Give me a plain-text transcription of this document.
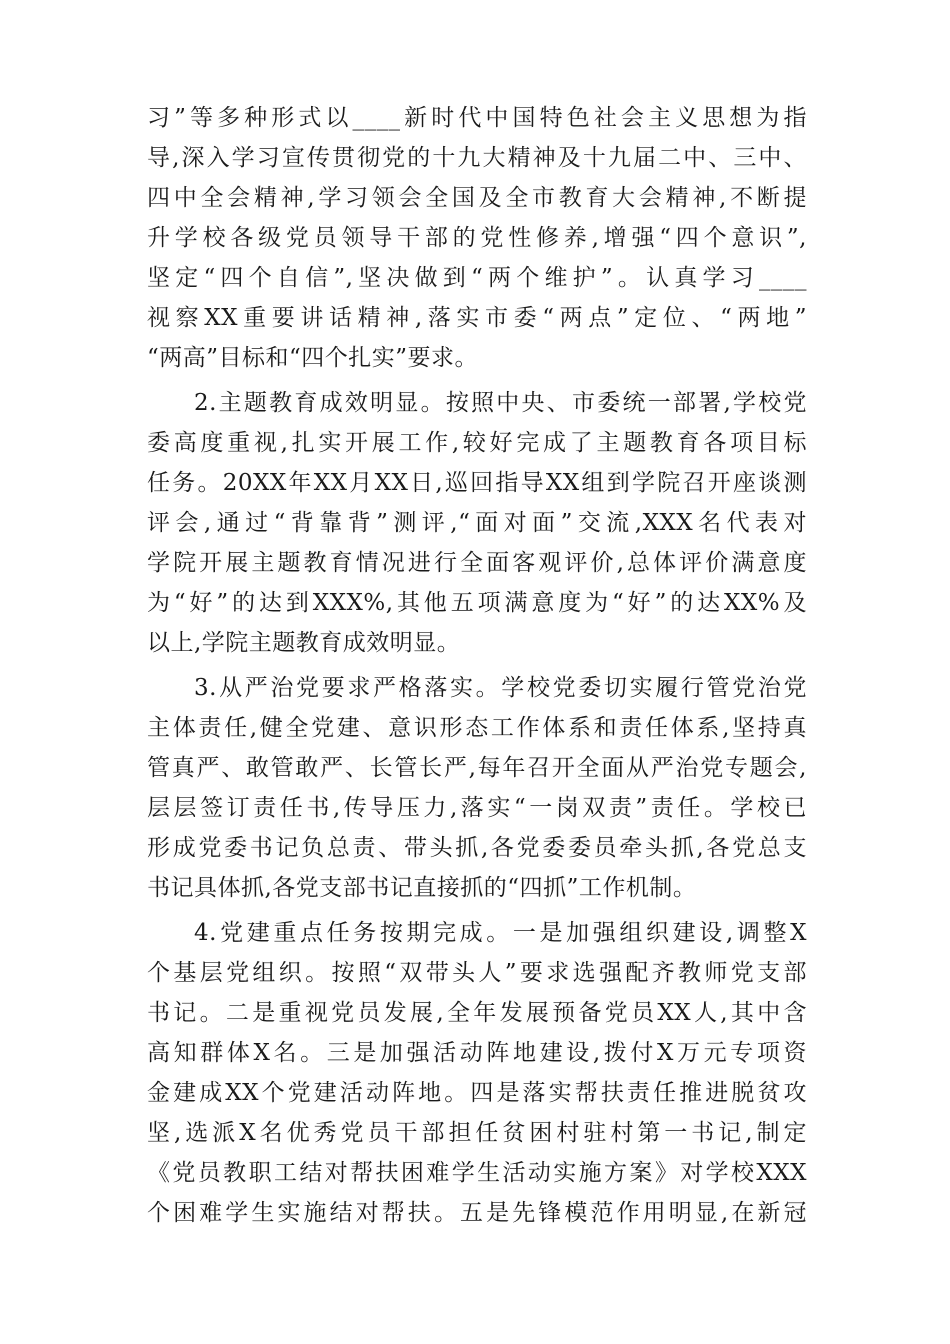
习”等多种形式以____新时代中国特色社会主义思想为指

导,深入学习宣传贯彻党的十九大精神及十九届二中、三中、

四中全会精神,学习领会全国及全市教育大会精神,不断提

升学校各级党员领导干部的党性修养,增强“四个意识”,

坚定“四个自信”,坚决做到“两个维护”。认真学习____

视察XX重要讲话精神,落实市委“两点”定位、“两地”

“两高”目标和“四个扎实”要求。

2.主题教育成效明显。按照中央、市委统一部署,学校党

委高度重视,扎实开展工作,较好完成了主题教育各项目标

任务。20XX年XX月XX日,巡回指导XX组到学院召开座谈测

评会,通过“背靠背”测评,“面对面”交流,XXX名代表对

学院开展主题教育情况进行全面客观评价,总体评价满意度

为“好”的达到XXX%,其他五项满意度为“好”的达XX%及

以上,学院主题教育成效明显。

3.从严治党要求严格落实。学校党委切实履行管党治党

主体责任,健全党建、意识形态工作体系和责任体系,坚持真

管真严、敢管敢严、长管长严,每年召开全面从严治党专题会,

层层签订责任书,传导压力,落实“一岗双责”责任。学校已

形成党委书记负总责、带头抓,各党委委员牵头抓,各党总支

书记具体抓,各党支部书记直接抓的“四抓”工作机制。

4.党建重点任务按期完成。一是加强组织建设,调整X

个基层党组织。按照“双带头人”要求选强配齐教师党支部

书记。二是重视党员发展,全年发展预备党员XX人,其中含

高知群体X名。三是加强活动阵地建设,拨付X万元专项资

金建成XX个党建活动阵地。四是落实帮扶责任推进脱贫攻

坚,选派X名优秀党员干部担任贫困村驻村第一书记,制定

《党员教职工结对帮扶困难学生活动实施方案》对学校XXX

个困难学生实施结对帮扶。五是先锋模范作用明显,在新冠
